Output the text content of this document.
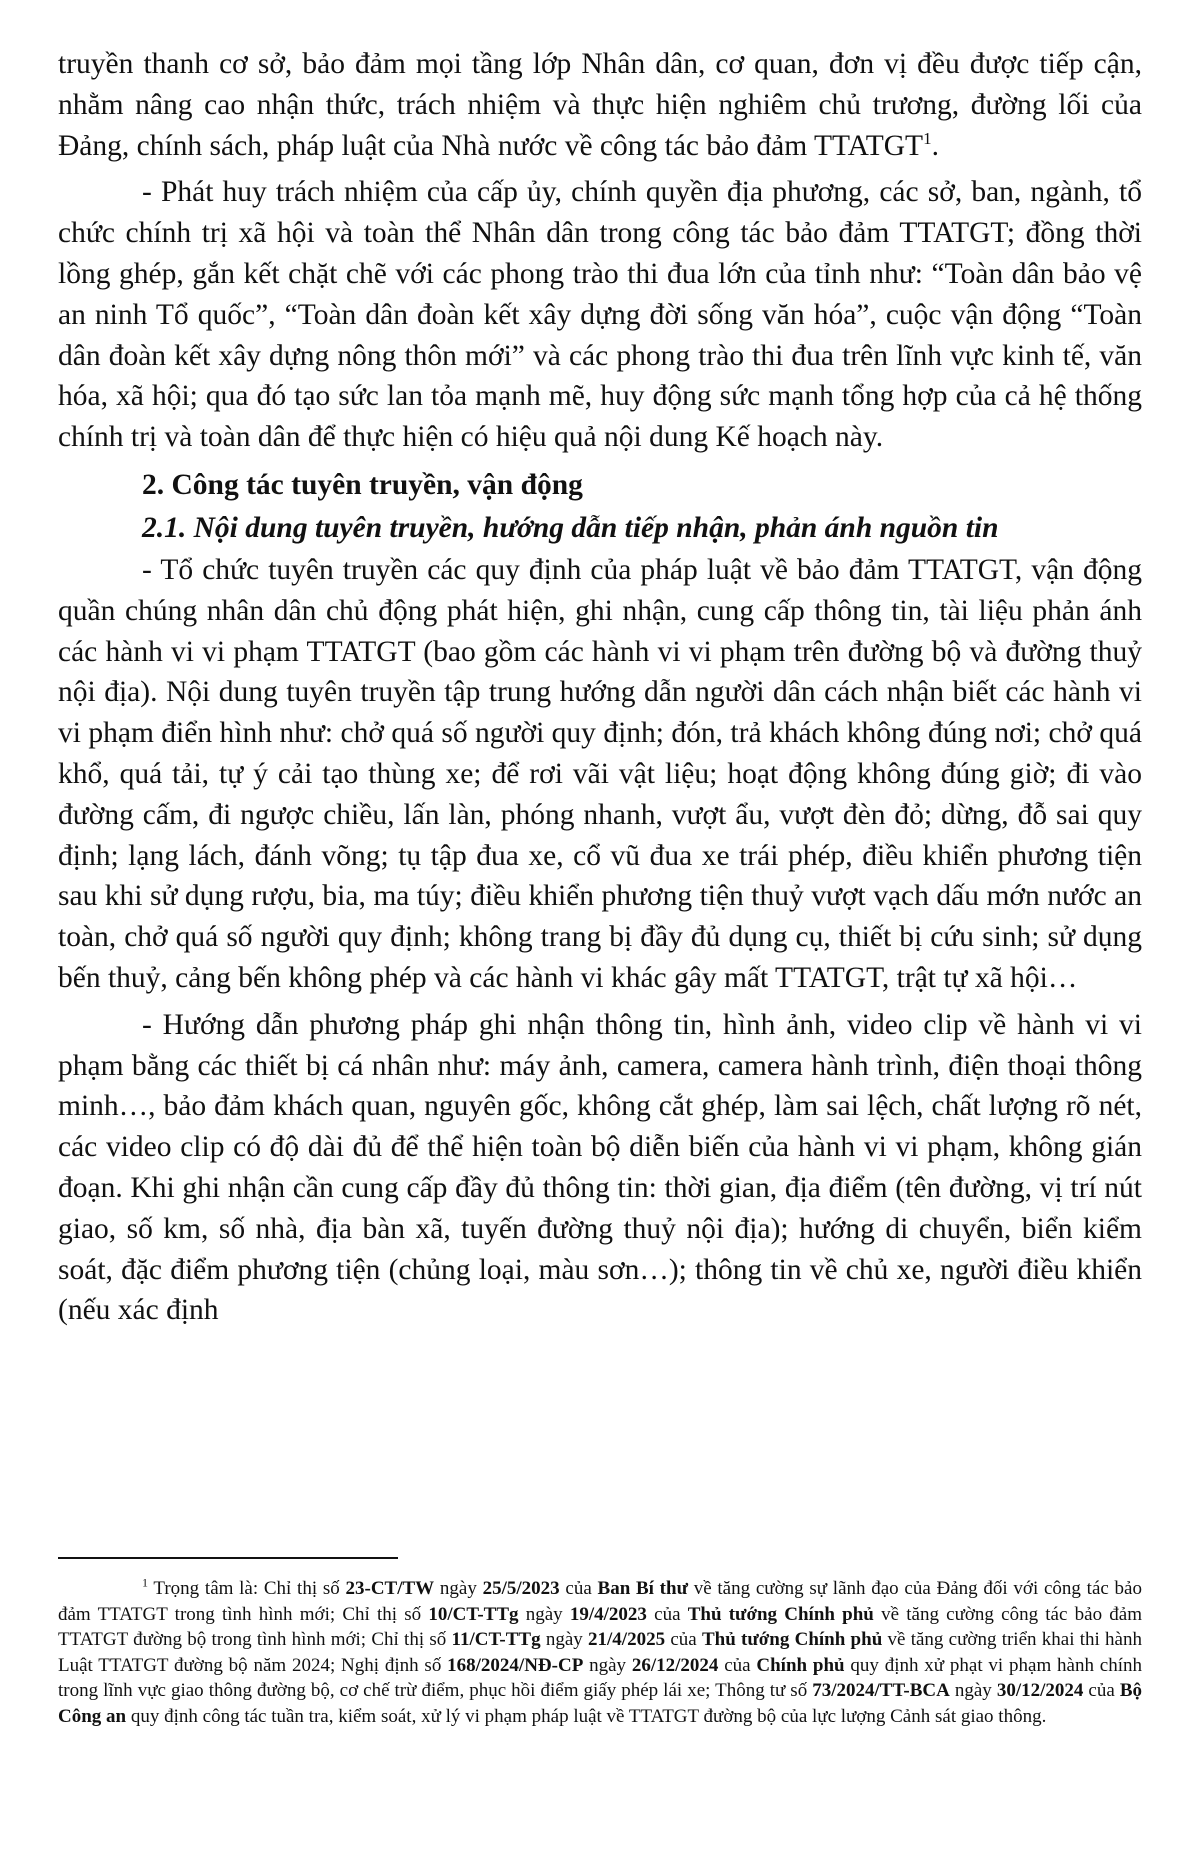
truyền thanh cơ sở, bảo đảm mọi tầng lớp Nhân dân, cơ quan, đơn vị đều được tiếp cận, nhằm nâng cao nhận thức, trách nhiệm và thực hiện nghiêm chủ trương, đường lối của Đảng, chính sách, pháp luật của Nhà nước về công tác bảo đảm TTATGT$^1$.

- Phát huy trách nhiệm của cấp ủy, chính quyền địa phương, các sở, ban, ngành, tổ chức chính trị xã hội và toàn thể Nhân dân trong công tác bảo đảm TTATGT; đồng thời lồng ghép, gắn kết chặt chẽ với các phong trào thi đua lớn của tỉnh như: “Toàn dân bảo vệ an ninh Tổ quốc”, “Toàn dân đoàn kết xây dựng đời sống văn hóa”, cuộc vận động “Toàn dân đoàn kết xây dựng nông thôn mới” và các phong trào thi đua trên lĩnh vực kinh tế, văn hóa, xã hội; qua đó tạo sức lan tỏa mạnh mẽ, huy động sức mạnh tổng hợp của cả hệ thống chính trị và toàn dân để thực hiện có hiệu quả nội dung Kế hoạch này.

2. Công tác tuyên truyền, vận động

2.1. Nội dung tuyên truyền, hướng dẫn tiếp nhận, phản ánh nguồn tin

- Tổ chức tuyên truyền các quy định của pháp luật về bảo đảm TTATGT, vận động quần chúng nhân dân chủ động phát hiện, ghi nhận, cung cấp thông tin, tài liệu phản ánh các hành vi vi phạm TTATGT (bao gồm các hành vi vi phạm trên đường bộ và đường thuỷ nội địa). Nội dung tuyên truyền tập trung hướng dẫn người dân cách nhận biết các hành vi vi phạm điển hình như: chở quá số người quy định; đón, trả khách không đúng nơi; chở quá khổ, quá tải, tự ý cải tạo thùng xe; để rơi vãi vật liệu; hoạt động không đúng giờ; đi vào đường cấm, đi ngược chiều, lấn làn, phóng nhanh, vượt ẩu, vượt đèn đỏ; dừng, đỗ sai quy định; lạng lách, đánh võng; tụ tập đua xe, cổ vũ đua xe trái phép, điều khiển phương tiện sau khi sử dụng rượu, bia, ma túy; điều khiển phương tiện thuỷ vượt vạch dấu mớn nước an toàn, chở quá số người quy định; không trang bị đầy đủ dụng cụ, thiết bị cứu sinh; sử dụng bến thuỷ, cảng bến không phép và các hành vi khác gây mất TTATGT, trật tự xã hội…

- Hướng dẫn phương pháp ghi nhận thông tin, hình ảnh, video clip về hành vi vi phạm bằng các thiết bị cá nhân như: máy ảnh, camera, camera hành trình, điện thoại thông minh…, bảo đảm khách quan, nguyên gốc, không cắt ghép, làm sai lệch, chất lượng rõ nét, các video clip có độ dài đủ để thể hiện toàn bộ diễn biến của hành vi vi phạm, không gián đoạn. Khi ghi nhận cần cung cấp đầy đủ thông tin: thời gian, địa điểm (tên đường, vị trí nút giao, số km, số nhà, địa bàn xã, tuyến đường thuỷ nội địa); hướng di chuyển, biển kiểm soát, đặc điểm phương tiện (chủng loại, màu sơn…); thông tin về chủ xe, người điều khiển (nếu xác định

$^1$ Trọng tâm là: Chỉ thị số 23-CT/TW ngày 25/5/2023 của Ban Bí thư về tăng cường sự lãnh đạo của Đảng đối với công tác bảo đảm TTATGT trong tình hình mới; Chỉ thị số 10/CT-TTg ngày 19/4/2023 của Thủ tướng Chính phủ về tăng cường công tác bảo đảm TTATGT đường bộ trong tình hình mới; Chỉ thị số 11/CT-TTg ngày 21/4/2025 của Thủ tướng Chính phủ về tăng cường triển khai thi hành Luật TTATGT đường bộ năm 2024; Nghị định số 168/2024/NĐ-CP ngày 26/12/2024 của Chính phủ quy định xử phạt vi phạm hành chính trong lĩnh vực giao thông đường bộ, cơ chế trừ điểm, phục hồi điểm giấy phép lái xe; Thông tư số 73/2024/TT-BCA ngày 30/12/2024 của Bộ Công an quy định công tác tuần tra, kiểm soát, xử lý vi phạm pháp luật về TTATGT đường bộ của lực lượng Cảnh sát giao thông.
